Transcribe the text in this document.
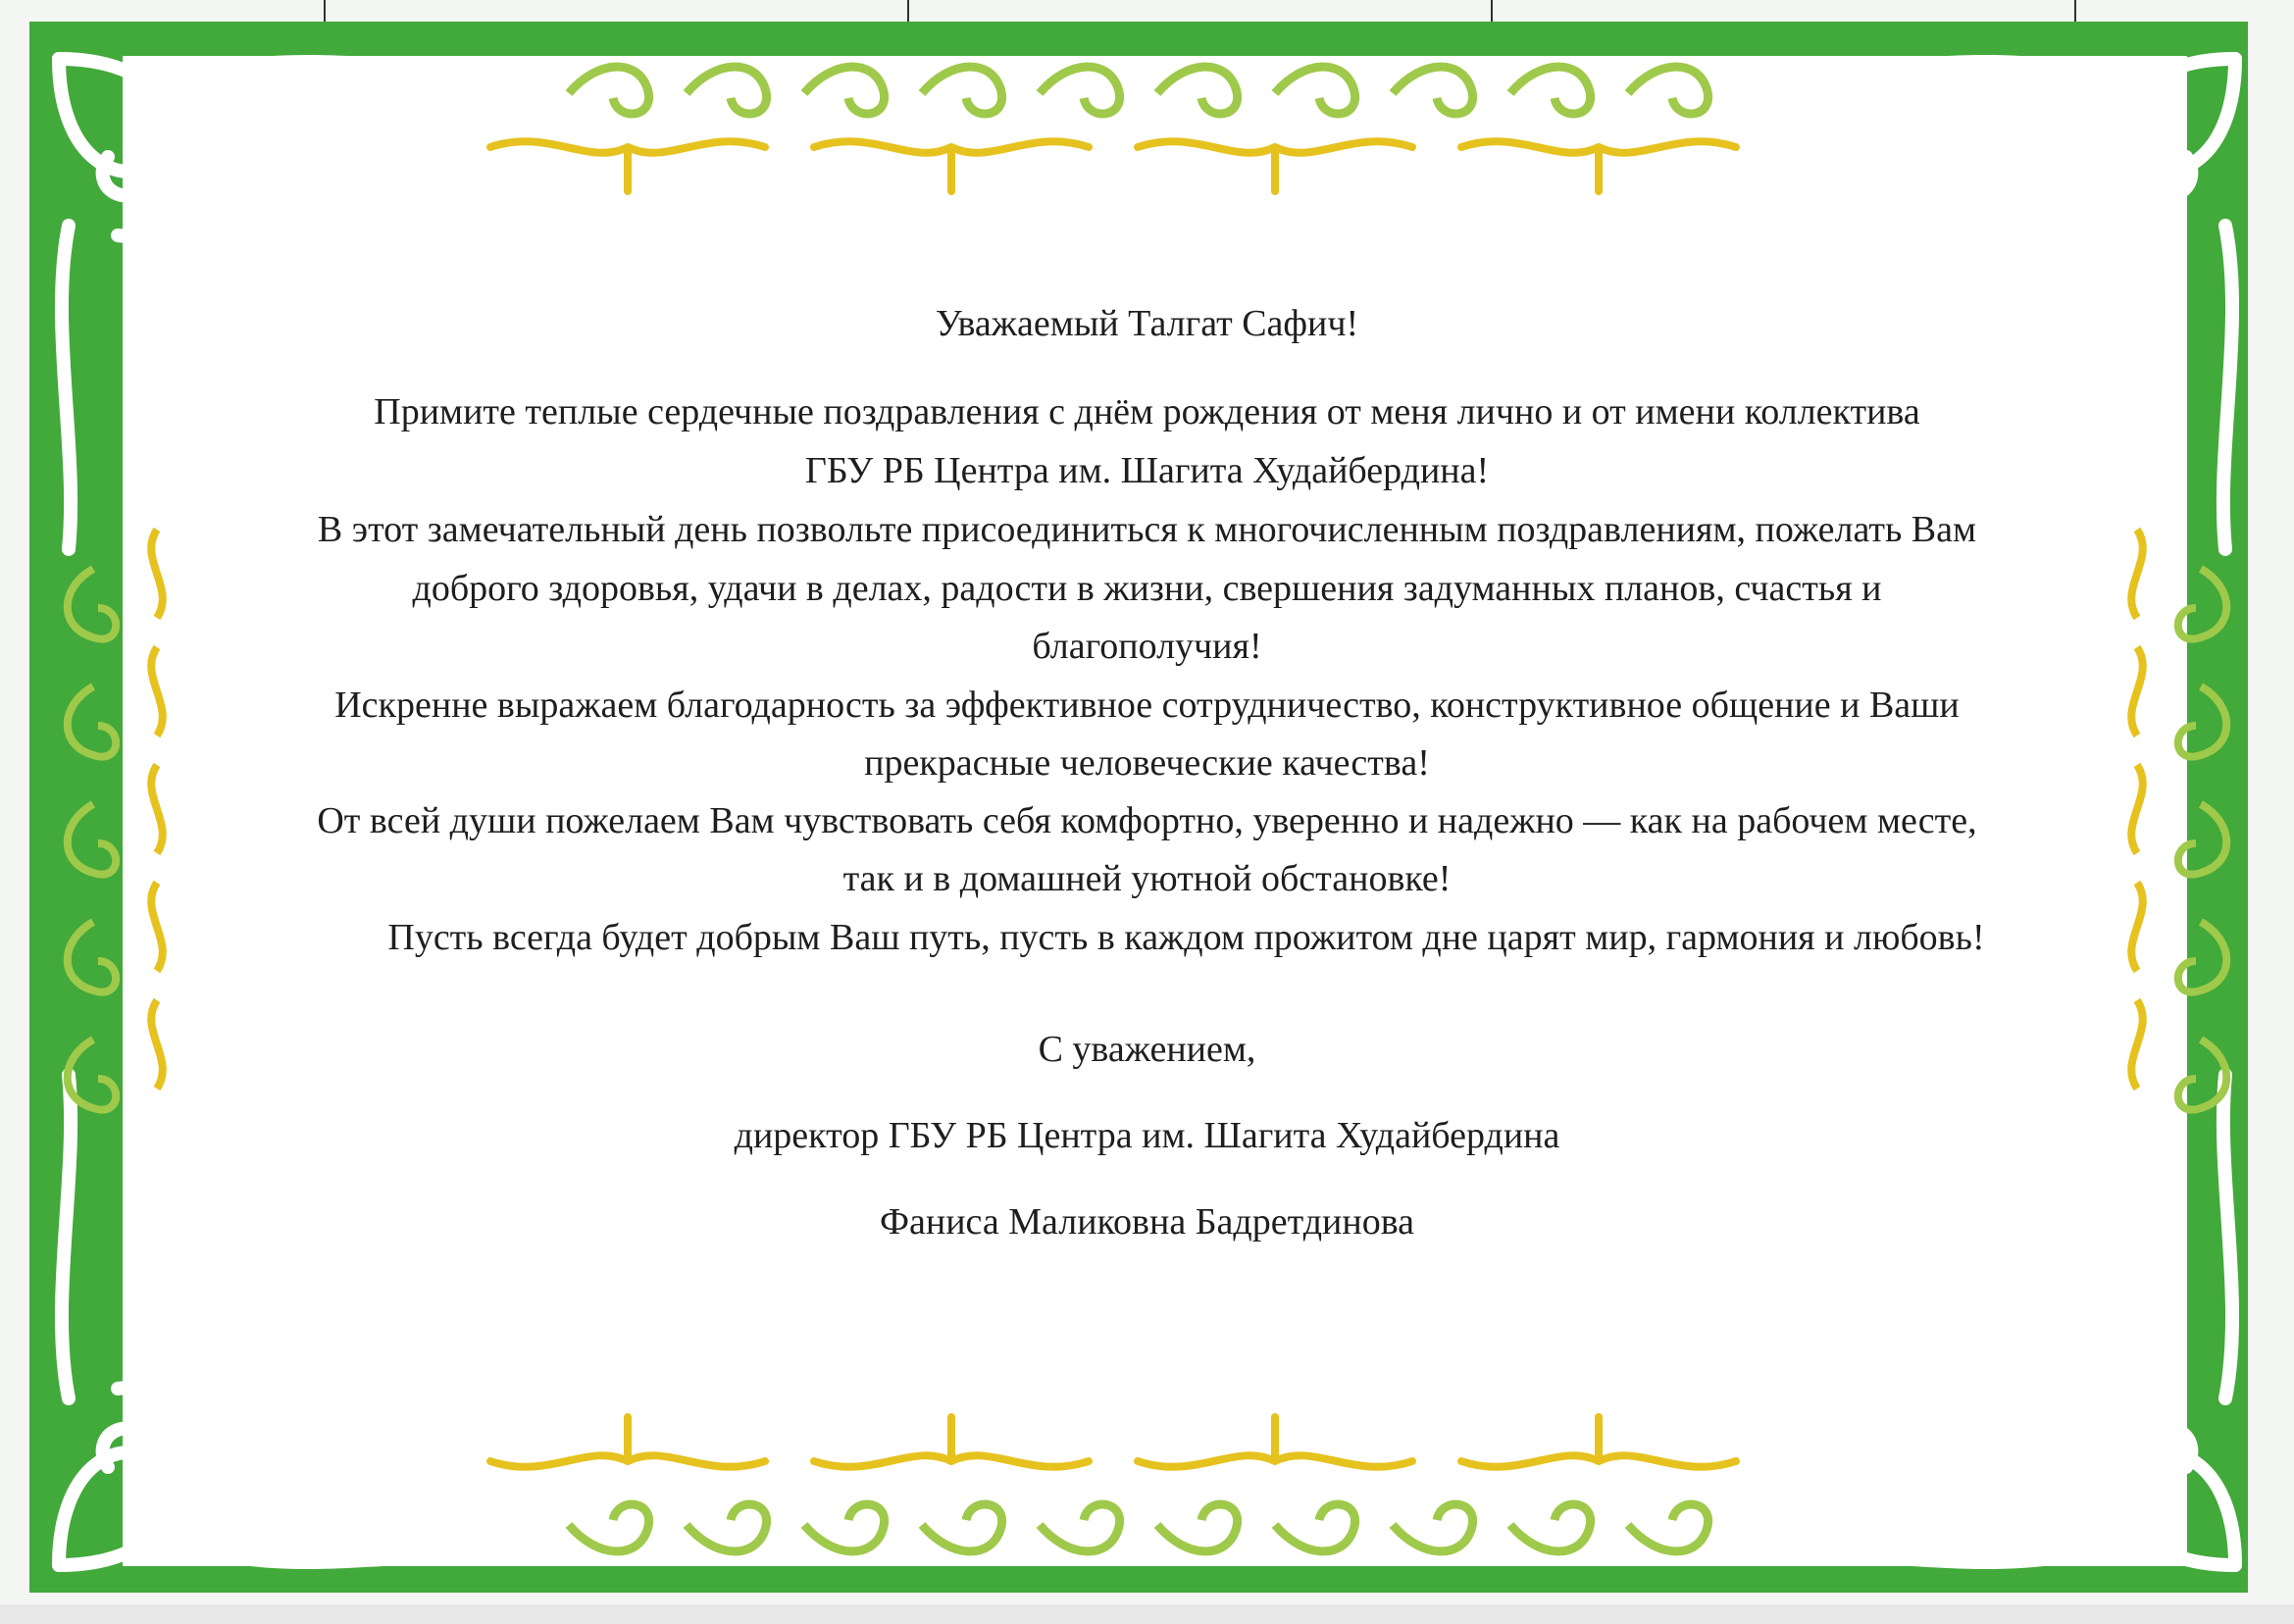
Уважаемый Талгат Сафич!
Примите теплые сердечные поздравления с днём рождения от меня лично и от имени коллектива
ГБУ РБ Центра им. Шагита Худайбердина!
В этот замечательный день позвольте присоединиться к многочисленным поздравлениям, пожелать Вам
доброго здоровья, удачи в делах, радости в жизни, свершения задуманных планов, счастья и
благополучия!
Искренне выражаем благодарность за эффективное сотрудничество, конструктивное общение и Ваши
прекрасные человеческие качества!
От всей души пожелаем Вам чувствовать себя комфортно, уверенно и надежно — как на рабочем месте,
так и в домашней уютной обстановке!
Пусть всегда будет добрым Ваш путь, пусть в каждом прожитом дне царят мир, гармония и любовь!
С уважением,
директор ГБУ РБ Центра им. Шагита Худайбердина
Фаниса Маликовна Бадретдинова
